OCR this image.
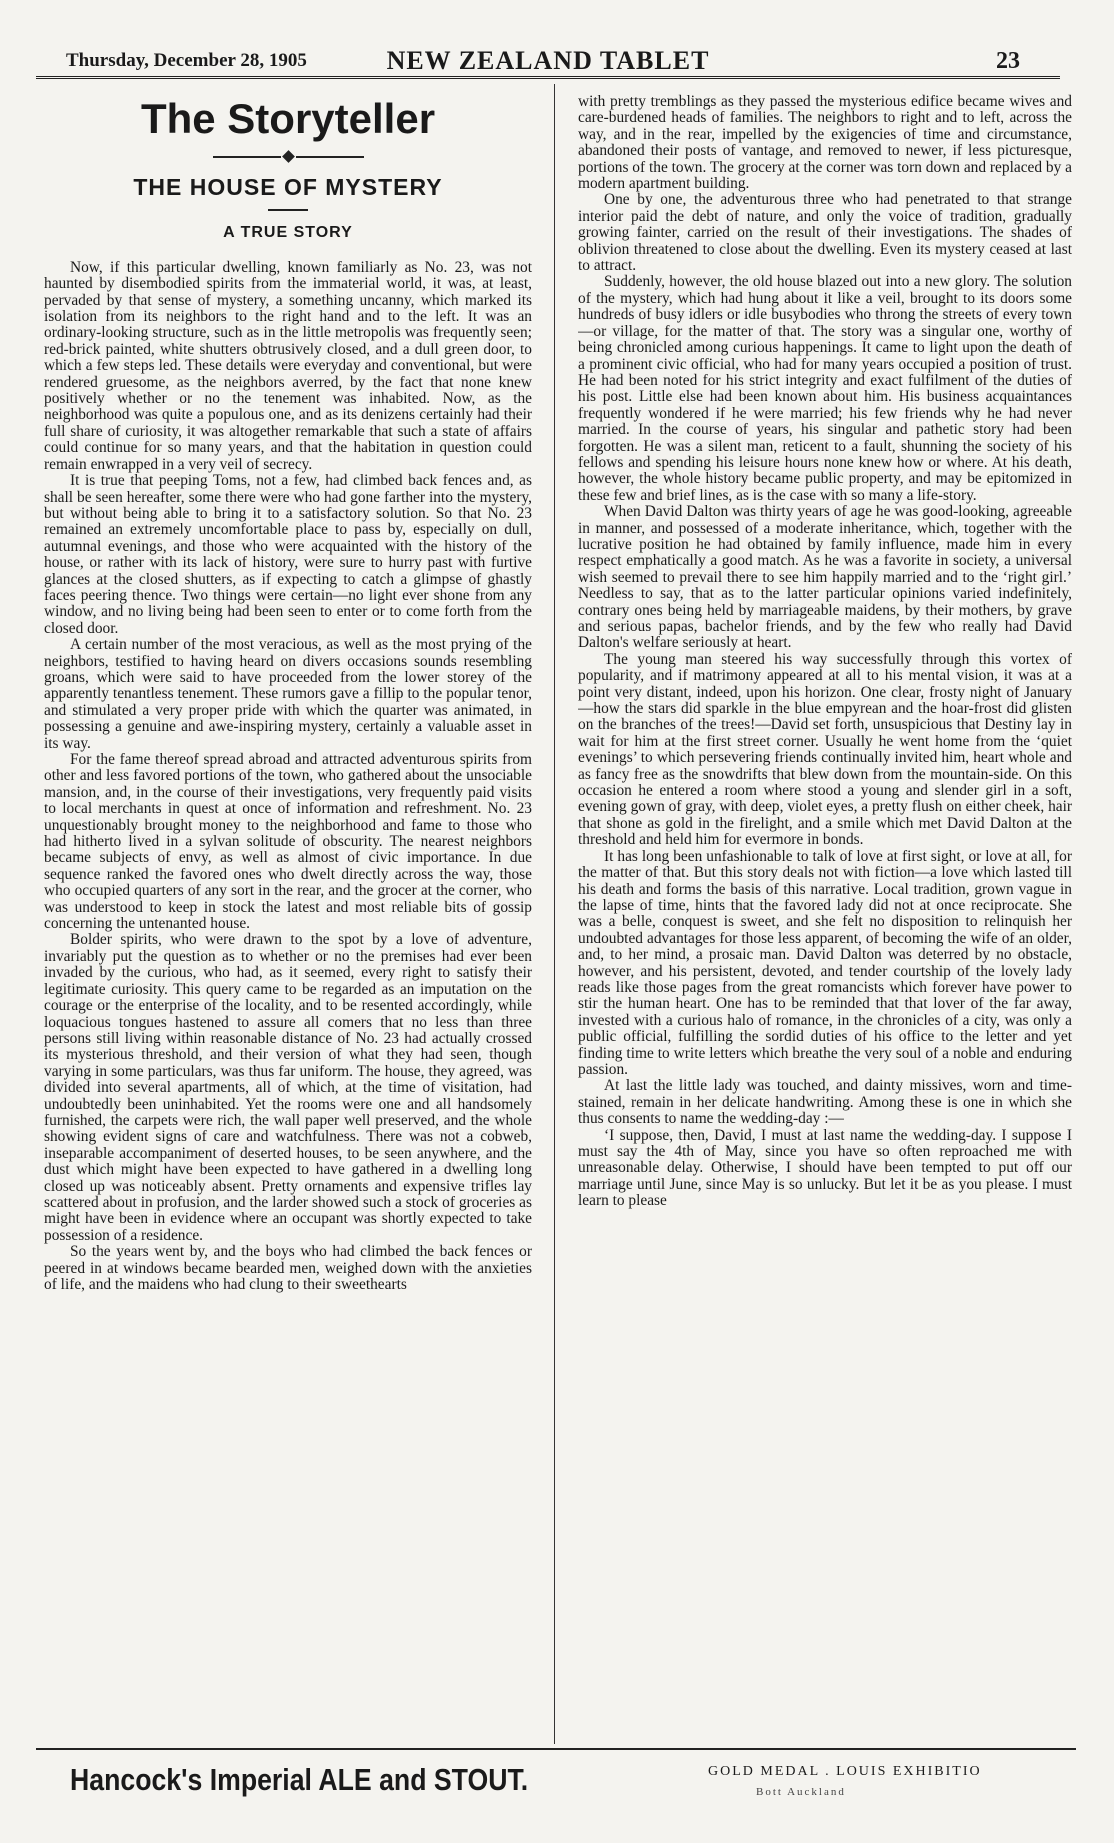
Thursday, December 28, 1905	NEW ZEALAND TABLET	23
The Storyteller
THE HOUSE OF MYSTERY
A TRUE STORY

Now, if this particular dwelling, known familiarly as No. 23, was not haunted by disembodied spirits from the immaterial world, it was, at least, pervaded by that sense of mystery, a something uncanny, which marked its isolation from its neighbors to the right hand and to the left. It was an ordinary-looking structure, such as in the little metropolis was frequently seen; red-brick painted, white shutters obtrusively closed, and a dull green door, to which a few steps led. These details were everyday and conventional, but were rendered gruesome, as the neighbors averred, by the fact that none knew positively whether or no the tenement was inhabited. Now, as the neighborhood was quite a populous one, and as its denizens certainly had their full share of curiosity, it was altogether remarkable that such a state of affairs could continue for so many years, and that the habitation in question could remain enwrapped in a very veil of secrecy.

It is true that peeping Toms, not a few, had climbed back fences and, as shall be seen hereafter, some there were who had gone farther into the mystery, but without being able to bring it to a satisfactory solution. So that No. 23 remained an extremely uncomfortable place to pass by, especially on dull, autumnal evenings, and those who were acquainted with the history of the house, or rather with its lack of history, were sure to hurry past with furtive glances at the closed shutters, as if expecting to catch a glimpse of ghastly faces peering thence. Two things were certain—no light ever shone from any window, and no living being had been seen to enter or to come forth from the closed door.

A certain number of the most veracious, as well as the most prying of the neighbors, testified to having heard on divers occasions sounds resembling groans, which were said to have proceeded from the lower storey of the apparently tenantless tenement. These rumors gave a fillip to the popular tenor, and stimulated a very proper pride with which the quarter was animated, in possessing a genuine and awe-inspiring mystery, certainly a valuable asset in its way.

For the fame thereof spread abroad and attracted adventurous spirits from other and less favored portions of the town, who gathered about the unsociable mansion, and, in the course of their investigations, very frequently paid visits to local merchants in quest at once of information and refreshment. No. 23 unquestionably brought money to the neighborhood and fame to those who had hitherto lived in a sylvan solitude of obscurity. The nearest neighbors became subjects of envy, as well as almost of civic importance. In due sequence ranked the favored ones who dwelt directly across the way, those who occupied quarters of any sort in the rear, and the grocer at the corner, who was understood to keep in stock the latest and most reliable bits of gossip concerning the untenanted house.

Bolder spirits, who were drawn to the spot by a love of adventure, invariably put the question as to whether or no the premises had ever been invaded by the curious, who had, as it seemed, every right to satisfy their legitimate curiosity. This query came to be regarded as an imputation on the courage or the enterprise of the locality, and to be resented accordingly, while loquacious tongues hastened to assure all comers that no less than three persons still living within reasonable distance of No. 23 had actually crossed its mysterious threshold, and their version of what they had seen, though varying in some particulars, was thus far uniform. The house, they agreed, was divided into several apartments, all of which, at the time of visitation, had undoubtedly been uninhabited. Yet the rooms were one and all handsomely furnished, the carpets were rich, the wall paper well preserved, and the whole showing evident signs of care and watchfulness. There was not a cobweb, inseparable accompaniment of deserted houses, to be seen anywhere, and the dust which might have been expected to have gathered in a dwelling long closed up was noticeably absent. Pretty ornaments and expensive trifles lay scattered about in profusion, and the larder showed such a stock of groceries as might have been in evidence where an occupant was shortly expected to take possession of a residence.

So the years went by, and the boys who had climbed the back fences or peered in at windows became bearded men, weighed down with the anxieties of life, and the maidens who had clung to their sweethearts

with pretty tremblings as they passed the mysterious edifice became wives and care-burdened heads of families. The neighbors to right and to left, across the way, and in the rear, impelled by the exigencies of time and circumstance, abandoned their posts of vantage, and removed to newer, if less picturesque, portions of the town. The grocery at the corner was torn down and replaced by a modern apartment building.

One by one, the adventurous three who had penetrated to that strange interior paid the debt of nature, and only the voice of tradition, gradually growing fainter, carried on the result of their investigations. The shades of oblivion threatened to close about the dwelling. Even its mystery ceased at last to attract.

Suddenly, however, the old house blazed out into a new glory. The solution of the mystery, which had hung about it like a veil, brought to its doors some hundreds of busy idlers or idle busybodies who throng the streets of every town—or village, for the matter of that. The story was a singular one, worthy of being chronicled among curious happenings. It came to light upon the death of a prominent civic official, who had for many years occupied a position of trust. He had been noted for his strict integrity and exact fulfilment of the duties of his post. Little else had been known about him. His business acquaintances frequently wondered if he were married; his few friends why he had never married. In the course of years, his singular and pathetic story had been forgotten. He was a silent man, reticent to a fault, shunning the society of his fellows and spending his leisure hours none knew how or where. At his death, however, the whole history became public property, and may be epitomized in these few and brief lines, as is the case with so many a life-story.

When David Dalton was thirty years of age he was good-looking, agreeable in manner, and possessed of a moderate inheritance, which, together with the lucrative position he had obtained by family influence, made him in every respect emphatically a good match. As he was a favorite in society, a universal wish seemed to prevail there to see him happily married and to the ‘right girl.’ Needless to say, that as to the latter particular opinions varied indefinitely, contrary ones being held by marriageable maidens, by their mothers, by grave and serious papas, bachelor friends, and by the few who really had David Dalton's welfare seriously at heart.

The young man steered his way successfully through this vortex of popularity, and if matrimony appeared at all to his mental vision, it was at a point very distant, indeed, upon his horizon. One clear, frosty night of January—how the stars did sparkle in the blue empyrean and the hoar-frost did glisten on the branches of the trees!—David set forth, unsuspicious that Destiny lay in wait for him at the first street corner. Usually he went home from the ‘quiet evenings’ to which persevering friends continually invited him, heart whole and as fancy free as the snowdrifts that blew down from the mountain-side. On this occasion he entered a room where stood a young and slender girl in a soft, evening gown of gray, with deep, violet eyes, a pretty flush on either cheek, hair that shone as gold in the firelight, and a smile which met David Dalton at the threshold and held him for evermore in bonds.

It has long been unfashionable to talk of love at first sight, or love at all, for the matter of that. But this story deals not with fiction—a love which lasted till his death and forms the basis of this narrative. Local tradition, grown vague in the lapse of time, hints that the favored lady did not at once reciprocate. She was a belle, conquest is sweet, and she felt no disposition to relinquish her undoubted advantages for those less apparent, of becoming the wife of an older, and, to her mind, a prosaic man. David Dalton was deterred by no obstacle, however, and his persistent, devoted, and tender courtship of the lovely lady reads like those pages from the great romancists which forever have power to stir the human heart. One has to be reminded that that lover of the far away, invested with a curious halo of romance, in the chronicles of a city, was only a public official, fulfilling the sordid duties of his office to the letter and yet finding time to write letters which breathe the very soul of a noble and enduring passion.

At last the little lady was touched, and dainty missives, worn and time-stained, remain in her delicate handwriting. Among these is one in which she thus consents to name the wedding-day :—

‘I suppose, then, David, I must at last name the wedding-day. I suppose I must say the 4th of May, since you have so often reproached me with unreasonable delay. Otherwise, I should have been tempted to put off our marriage until June, since May is so unlucky. But let it be as you please. I must learn to please

Hancock's Imperial ALE and STOUT.	GOLD MEDAL . LOUIS EXHIBITIO
Bott Auckland
